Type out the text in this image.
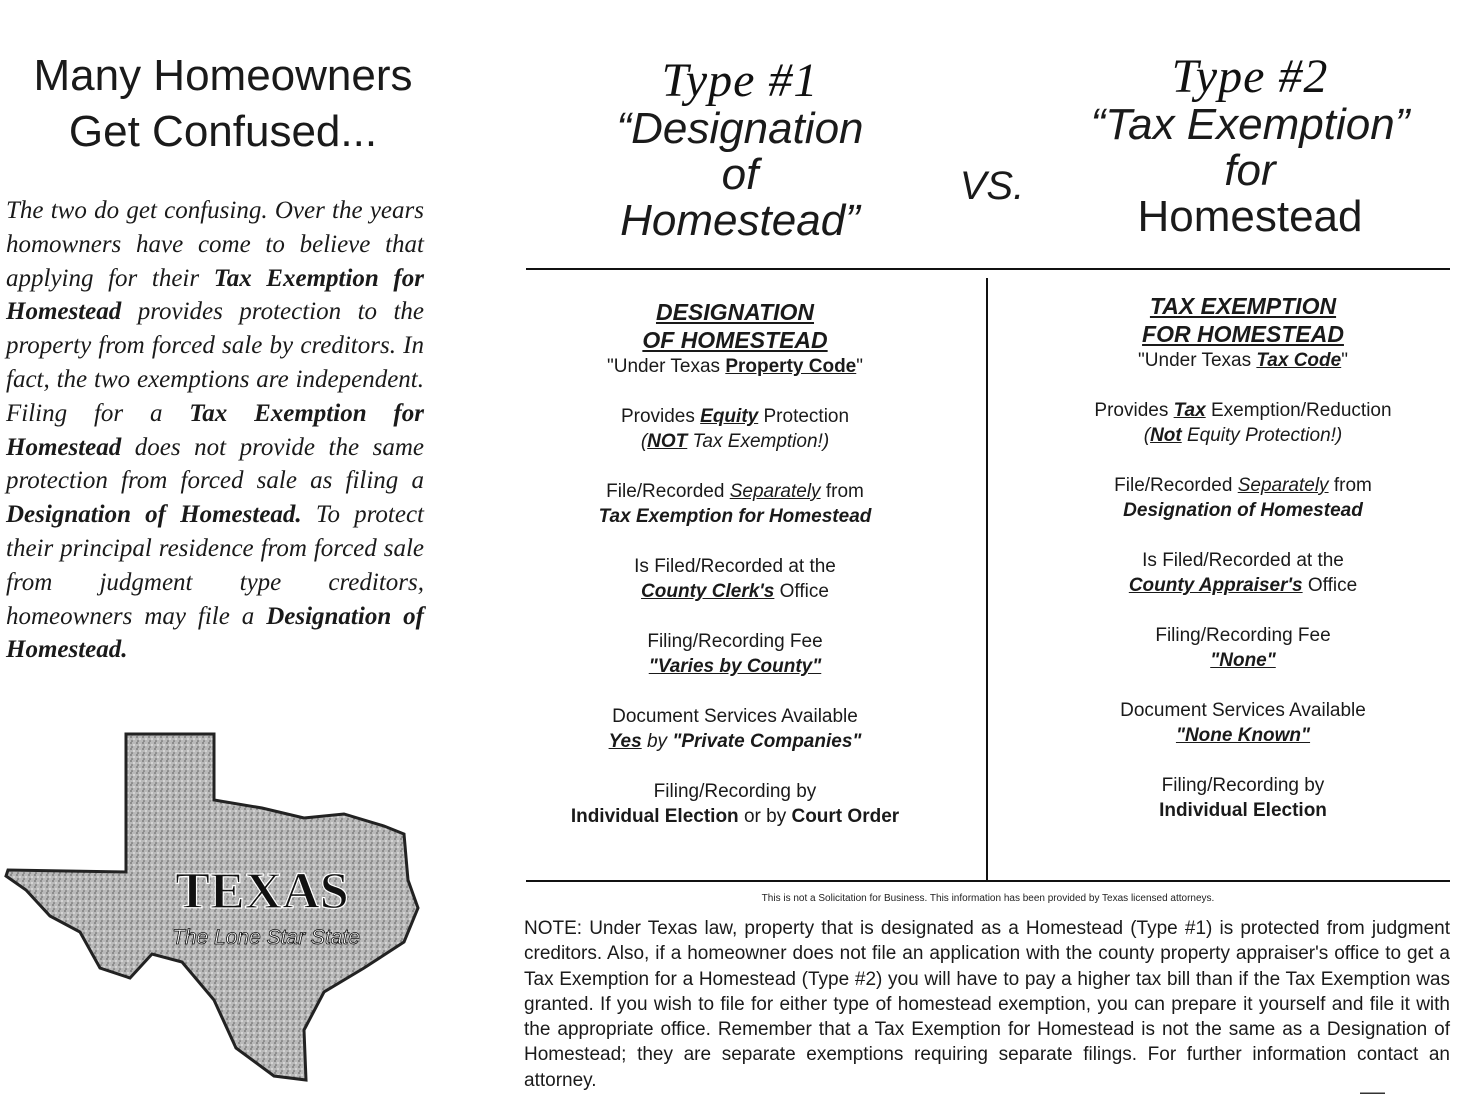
Many Homeowners
Get Confused...
The two do get confusing. Over the years homowners have come to believe that applying for their Tax Exemption for Homestead provides protection to the property from forced sale by creditors. In fact, the two exemptions are independent. Filing for a Tax Exemption for Homestead does not provide the same protection from forced sale as filing a Designation of Homestead. To protect their principal residence from forced sale from judgment type creditors, homeowners may file a Designation of Homestead.
TEXAS
The Lone Star State
Type #1
“Designation
of
Homestead”
VS.
Type #2
“Tax Exemption”
for
Homestead
DESIGNATION
OF HOMESTEAD
"Under Texas Property Code"
Provides Equity Protection
(NOT Tax Exemption!)
File/Recorded Separately from
Tax Exemption for Homestead
Is Filed/Recorded at the
County Clerk's Office
Filing/Recording Fee
"Varies by County"
Document Services Available
Yes by "Private Companies"
Filing/Recording by
Individual Election or by Court Order
TAX EXEMPTION
FOR HOMESTEAD
"Under Texas Tax Code"
Provides Tax Exemption/Reduction
(Not Equity Protection!)
File/Recorded Separately from
Designation of Homestead
Is Filed/Recorded at the
County Appraiser's Office
Filing/Recording Fee
"None"
Document Services Available
"None Known"
Filing/Recording by
Individual Election
This is not a Solicitation for Business. This information has been provided by Texas licensed attorneys.
NOTE: Under Texas law, property that is designated as a Homestead (Type #1) is protected from judgment creditors. Also, if a homeowner does not file an application with the county property appraiser's office to get a Tax Exemption for a Homestead (Type #2) you will have to pay a higher tax bill than if the Tax Exemption was granted. If you wish to file for either type of homestead exemption, you can prepare it yourself and file it with the appropriate office. Remember that a Tax Exemption for Homestead is not the same as a Designation of Homestead; they are separate exemptions requiring separate filings. For further information contact an attorney.
▬▬▬▬▬
